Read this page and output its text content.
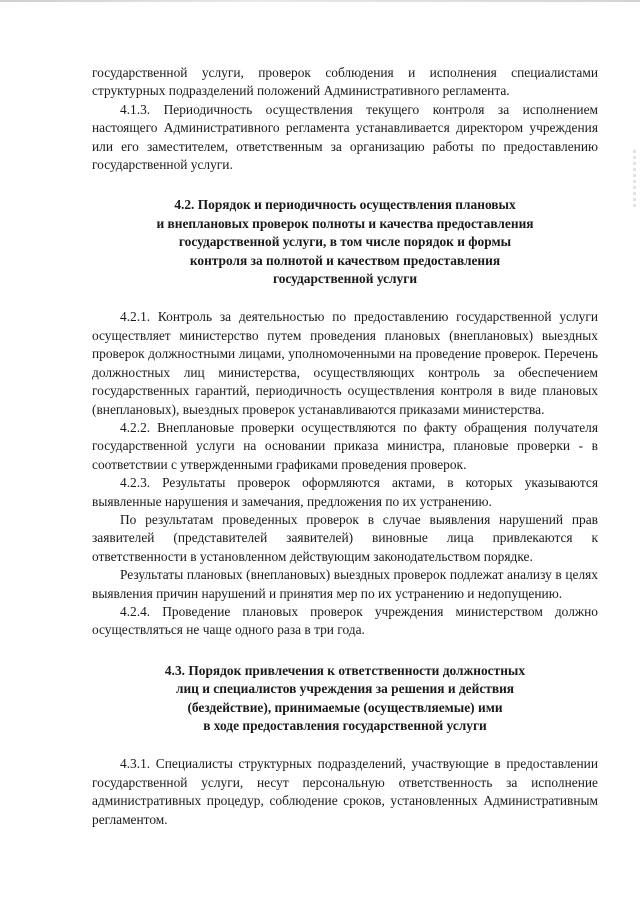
государственной услуги, проверок соблюдения и исполнения специалистами структурных подразделений положений Административного регламента.

4.1.3. Периодичность осуществления текущего контроля за исполнением настоящего Административного регламента устанавливается директором учреждения или его заместителем, ответственным за организацию работы по предоставлению государственной услуги.

4.2. Порядок и периодичность осуществления плановых
и внеплановых проверок полноты и качества предоставления
государственной услуги, в том числе порядок и формы
контроля за полнотой и качеством предоставления
государственной услуги

4.2.1. Контроль за деятельностью по предоставлению государственной услуги осуществляет министерство путем проведения плановых (внеплановых) выездных проверок должностными лицами, уполномоченными на проведение проверок. Перечень должностных лиц министерства, осуществляющих контроль за обеспечением государственных гарантий, периодичность осуществления контроля в виде плановых (внеплановых), выездных проверок устанавливаются приказами министерства.

4.2.2. Внеплановые проверки осуществляются по факту обращения получателя государственной услуги на основании приказа министра, плановые проверки - в соответствии с утвержденными графиками проведения проверок.

4.2.3. Результаты проверок оформляются актами, в которых указываются выявленные нарушения и замечания, предложения по их устранению.

По результатам проведенных проверок в случае выявления нарушений прав заявителей (представителей заявителей) виновные лица привлекаются к ответственности в установленном действующим законодательством порядке.

Результаты плановых (внеплановых) выездных проверок подлежат анализу в целях выявления причин нарушений и принятия мер по их устранению и недопущению.

4.2.4. Проведение плановых проверок учреждения министерством должно осуществляться не чаще одного раза в три года.

4.3. Порядок привлечения к ответственности должностных
лиц и специалистов учреждения за решения и действия
(бездействие), принимаемые (осуществляемые) ими
в ходе предоставления государственной услуги

4.3.1. Специалисты структурных подразделений, участвующие в предоставлении государственной услуги, несут персональную ответственность за исполнение административных процедур, соблюдение сроков, установленных Административным регламентом.
